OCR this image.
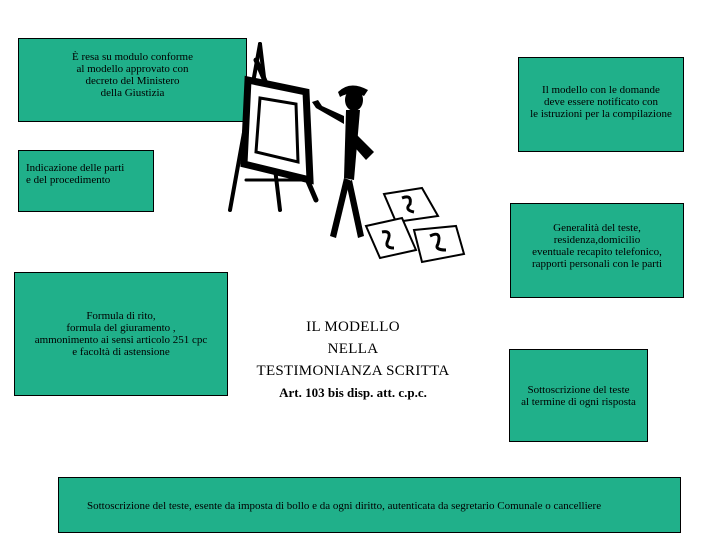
È resa su modulo conforme
al modello approvato con
decreto del Ministero
della Giustizia	Il modello con le domande
deve essere notificato con
le istruzioni per la compilazione
Indicazione delle parti
e del procedimento
Generalità del teste,
residenza,domicilio
eventuale recapito telefonico,
rapporti personali con le parti
Formula di rito,
formula del giuramento ,
ammonimento ai sensi articolo 251 cpc
e facoltà di astensione
Sottoscrizione del teste
al termine di ogni risposta
Sottoscrizione del teste, esente da imposta di bollo e da ogni diritto, autenticata da segretario Comunale o cancelliere
IL MODELLO
NELLA
TESTIMONIANZA SCRITTA
Art. 103 bis disp. att. c.p.c.
